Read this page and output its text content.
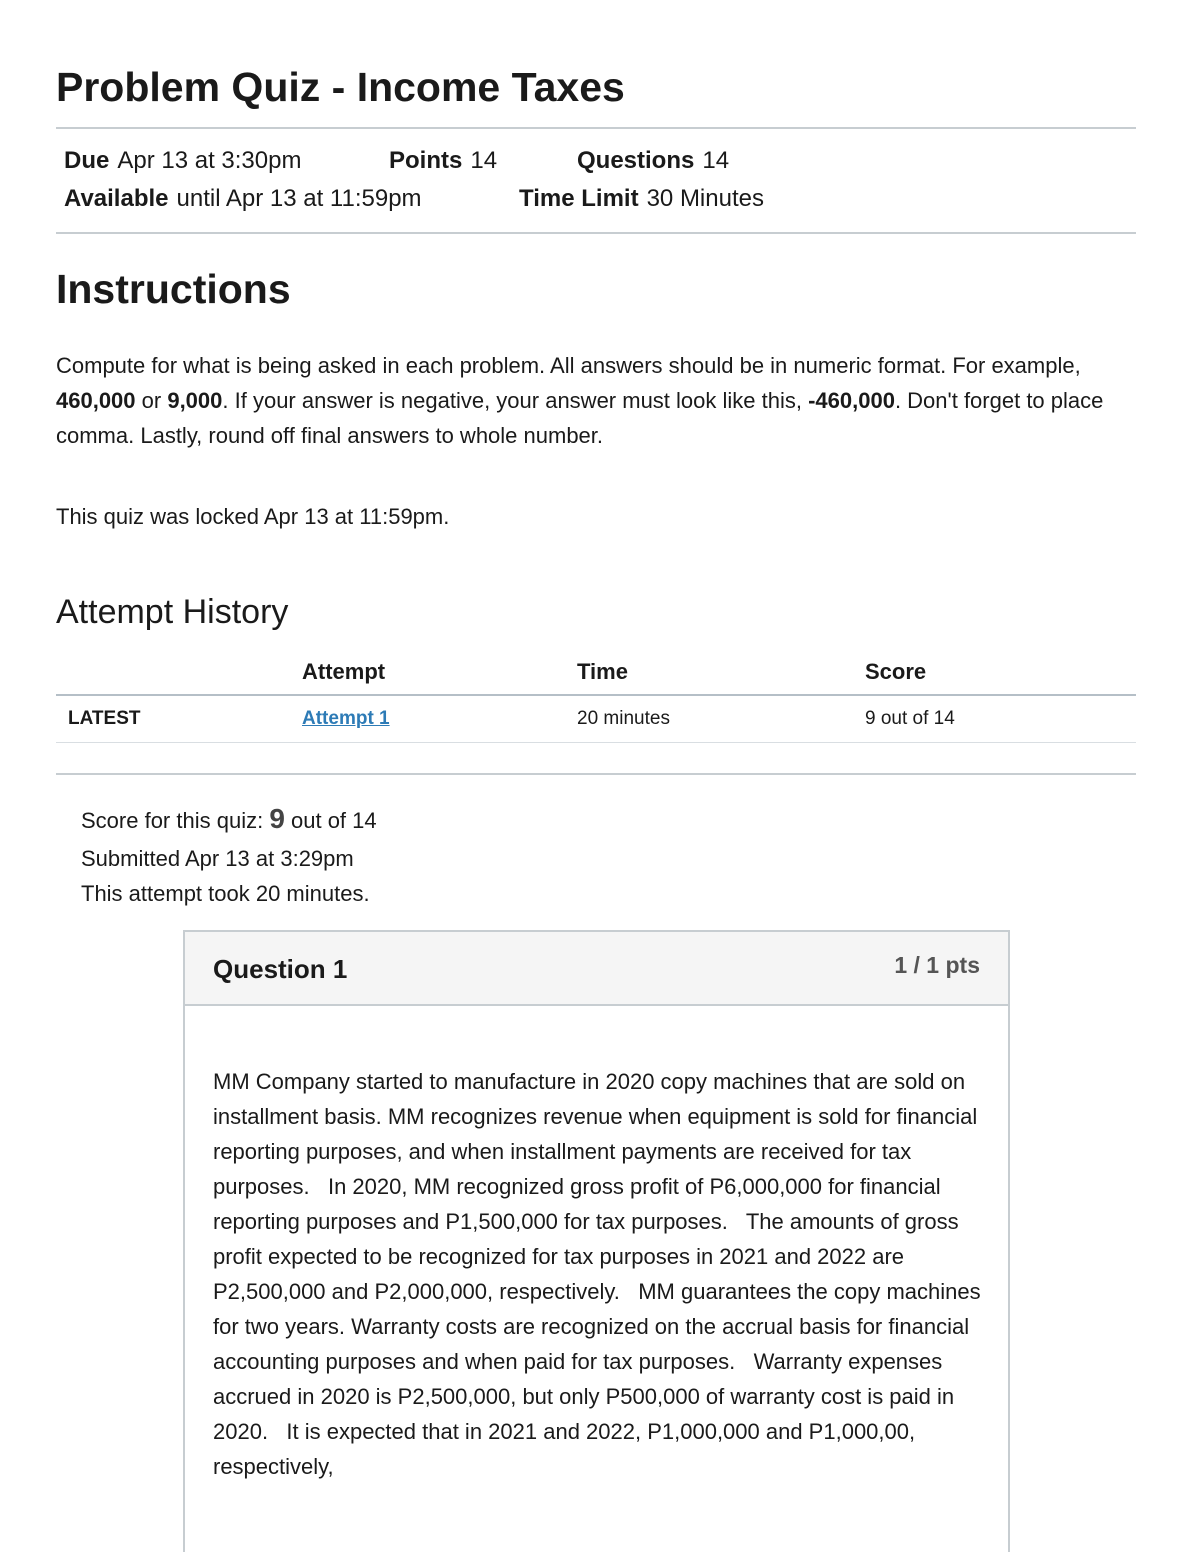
Problem Quiz - Income Taxes
Due Apr 13 at 3:30pm	Points 14	Questions 14
Available until Apr 13 at 11:59pm	Time Limit 30 Minutes
Instructions

Compute for what is being asked in each problem. All answers should be in numeric format. For example, 460,000 or 9,000. If your answer is negative, your answer must look like this, -460,000. Don't forget to place comma. Lastly, round off final answers to whole number.

This quiz was locked Apr 13 at 11:59pm.

Attempt History
	Attempt	Time	Score
LATEST	Attempt 1	20 minutes	9 out of 14
Score for this quiz: 9 out of 14
Submitted Apr 13 at 3:29pm
This attempt took 20 minutes.
Question 1	1 / 1 pts

MM Company started to manufacture in 2020 copy machines that are sold on installment basis. MM recognizes revenue when equipment is sold for financial reporting purposes, and when installment payments are received for tax purposes.   In 2020, MM recognized gross profit of P6,000,000 for financial reporting purposes and P1,500,000 for tax purposes.   The amounts of gross profit expected to be recognized for tax purposes in 2021 and 2022 are P2,500,000 and P2,000,000, respectively.   MM guarantees the copy machines for two years. Warranty costs are recognized on the accrual basis for financial accounting purposes and when paid for tax purposes.   Warranty expenses accrued in 2020 is P2,500,000, but only P500,000 of warranty cost is paid in 2020.   It is expected that in 2021 and 2022, P1,000,000 and P1,000,00, respectively,
